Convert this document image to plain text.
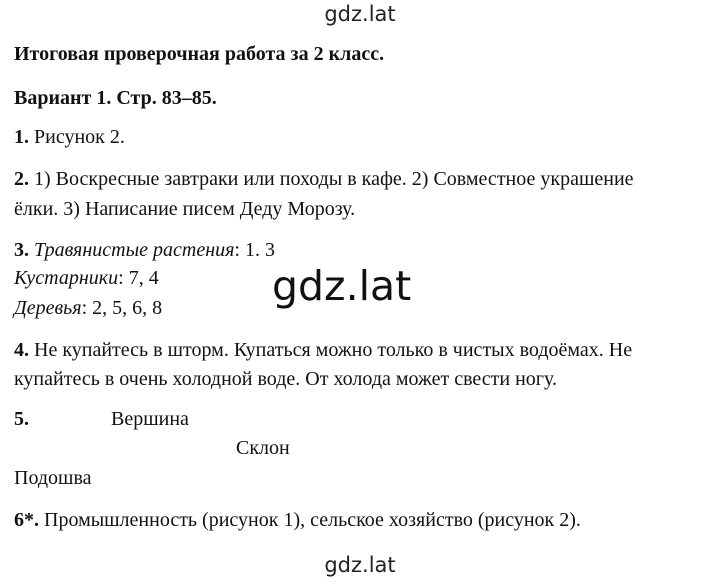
gdz.lat
Итоговая проверочная работа за 2 класс.
Вариант 1. Стр. 83–85.
1. Рисунок 2.
2. 1) Воскресные завтраки или походы в кафе. 2) Совместное украшение
ёлки. 3) Написание писем Деду Морозу.
3. Травянистые растения: 1. 3
Кустарники: 7, 4
Деревья: 2, 5, 6, 8	gdz.lat
4. Не купайтесь в шторм. Купаться можно только в чистых водоёмах. Не
купайтесь в очень холодной воде. От холода может свести ногу.
5.	Вершина
Склон
Подошва
6*. Промышленность (рисунок 1), сельское хозяйство (рисунок 2).
gdz.lat
